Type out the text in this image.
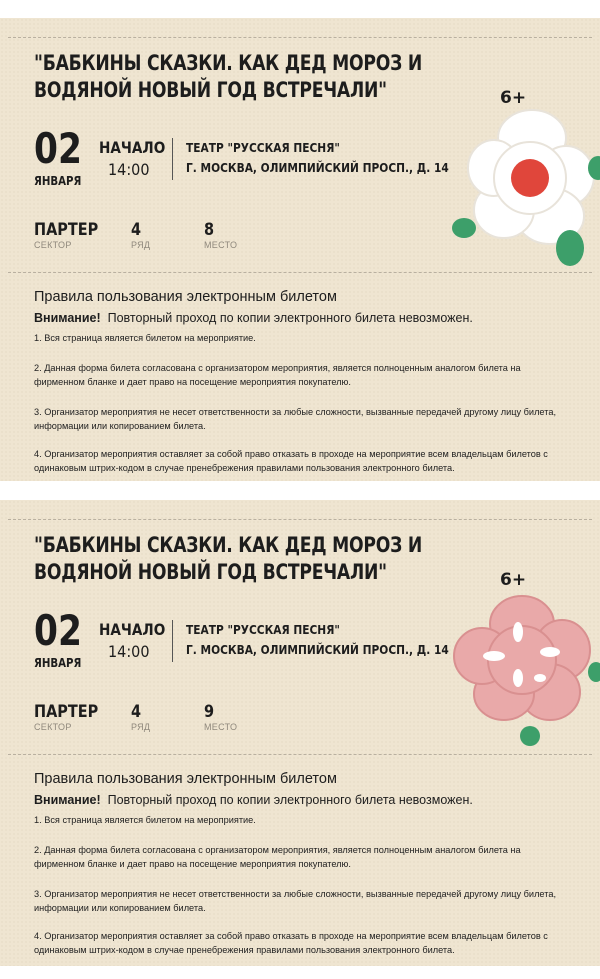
"БАБКИНЫ СКАЗКИ. КАК ДЕД МОРОЗ И ВОДЯНОЙ НОВЫЙ ГОД ВСТРЕЧАЛИ"	6+
02
ЯНВАРЯ
НАЧАЛО
14:00
ТЕАТР "РУССКАЯ ПЕСНЯ"
Г. МОСКВА, ОЛИМПИЙСКИЙ ПРОСП., Д. 14
ПАРТЕР
СЕКТОР
4
РЯД
8
МЕСТО
Правила пользования электронным билетом
Внимание! Повторный проход по копии электронного билета невозможен.
1. Вся страница является билетом на мероприятие.
2. Данная форма билета согласована с организатором мероприятия, является полноценным аналогом билета на фирменном бланке и дает право на посещение мероприятия покупателю.
3. Организатор мероприятия не несет ответственности за любые сложности, вызванные передачей другому лицу билета, информации или копированием билета.
4. Организатор мероприятия оставляет за собой право отказать в проходе на мероприятие всем владельцам билетов с одинаковым штрих-кодом в случае пренебрежения правилами пользования электронного билета.
"БАБКИНЫ СКАЗКИ. КАК ДЕД МОРОЗ И ВОДЯНОЙ НОВЫЙ ГОД ВСТРЕЧАЛИ"	6+
02
ЯНВАРЯ
НАЧАЛО
14:00
ТЕАТР "РУССКАЯ ПЕСНЯ"
Г. МОСКВА, ОЛИМПИЙСКИЙ ПРОСП., Д. 14
ПАРТЕР
СЕКТОР
4
РЯД
9
МЕСТО
Правила пользования электронным билетом
Внимание! Повторный проход по копии электронного билета невозможен.
1. Вся страница является билетом на мероприятие.
2. Данная форма билета согласована с организатором мероприятия, является полноценным аналогом билета на фирменном бланке и дает право на посещение мероприятия покупателю.
3. Организатор мероприятия не несет ответственности за любые сложности, вызванные передачей другому лицу билета, информации или копированием билета.
4. Организатор мероприятия оставляет за собой право отказать в проходе на мероприятие всем владельцам билетов с одинаковым штрих-кодом в случае пренебрежения правилами пользования электронного билета.
